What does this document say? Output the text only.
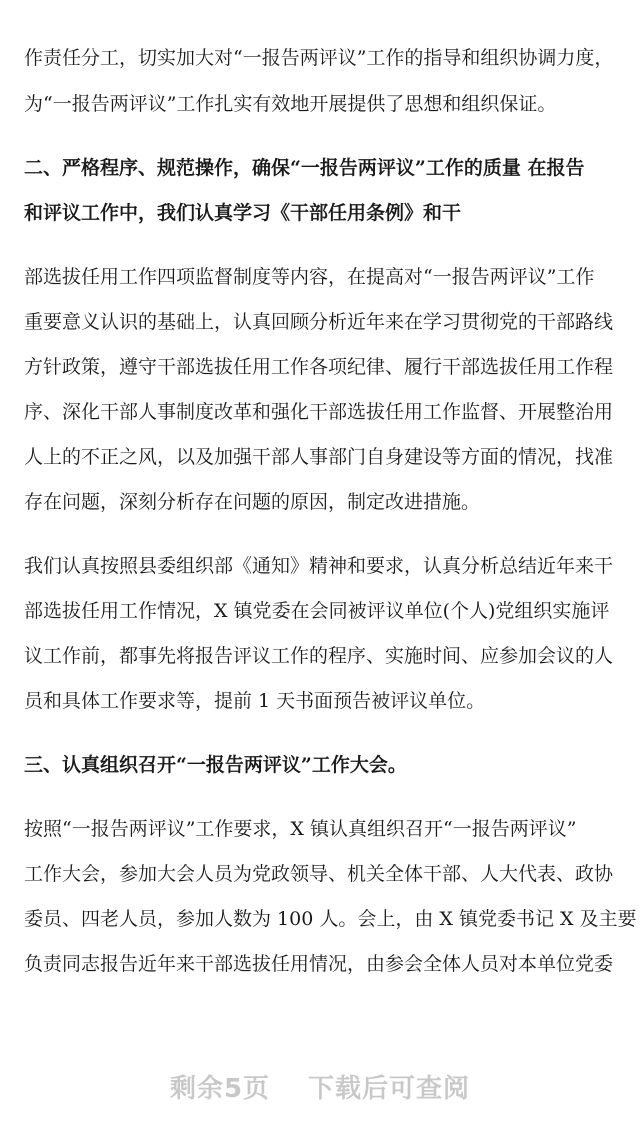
作责任分工，切实加大对“一报告两评议”工作的指导和组织协调力度，
为“一报告两评议”工作扎实有效地开展提供了思想和组织保证。
二、严格程序、规范操作，确保“一报告两评议”工作的质量 在报告
和评议工作中，我们认真学习《干部任用条例》和干
部选拔任用工作四项监督制度等内容，在提高对“一报告两评议”工作
重要意义认识的基础上，认真回顾分析近年来在学习贯彻党的干部路线
方针政策，遵守干部选拔任用工作各项纪律、履行干部选拔任用工作程
序、深化干部人事制度改革和强化干部选拔任用工作监督、开展整治用
人上的不正之风，以及加强干部人事部门自身建设等方面的情况，找准
存在问题，深刻分析存在问题的原因，制定改进措施。
我们认真按照县委组织部《通知》精神和要求，认真分析总结近年来干
部选拔任用工作情况，X 镇党委在会同被评议单位(个人)党组织实施评
议工作前，都事先将报告评议工作的程序、实施时间、应参加会议的人
员和具体工作要求等，提前 1 天书面预告被评议单位。
三、认真组织召开“一报告两评议”工作大会。
按照“一报告两评议”工作要求，X 镇认真组织召开“一报告两评议”
工作大会，参加大会人员为党政领导、机关全体干部、人大代表、政协
委员、四老人员，参加人数为 100 人。会上，由 X 镇党委书记 X 及主要
负责同志报告近年来干部选拔任用情况，由参会全体人员对本单位党委
剩余5页 下载后可查阅
